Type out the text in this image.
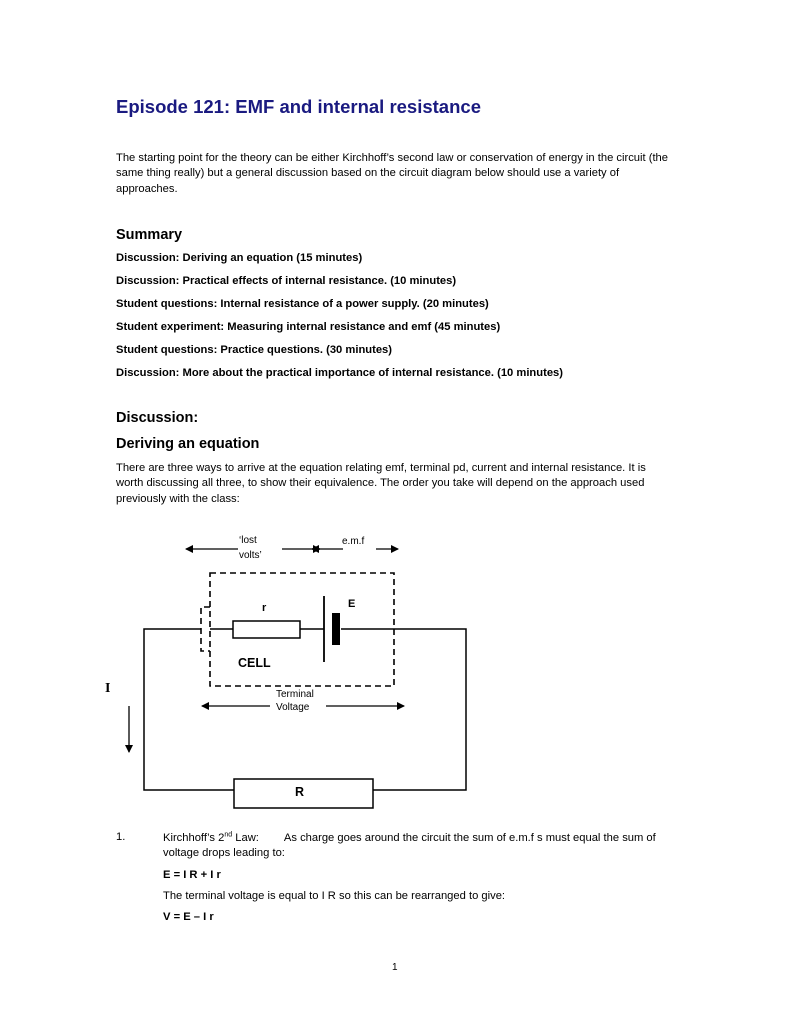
Episode 121: EMF and internal resistance
The starting point for the theory can be either Kirchhoff’s second law or conservation of energy in the circuit (the same thing really) but a general discussion based on the circuit diagram below should use a variety of approaches.
Summary
Discussion: Deriving an equation (15 minutes)
Discussion: Practical effects of internal resistance. (10 minutes)
Student questions: Internal resistance of a power supply. (20 minutes)
Student experiment: Measuring internal resistance and emf (45 minutes)
Student questions: Practice questions. (30 minutes)
Discussion: More about the practical importance of internal resistance. (10 minutes)
Discussion:
Deriving an equation
There are three ways to arrive at the equation relating emf, terminal pd, current and internal resistance. It is worth discussing all three, to show their equivalence. The order you take will depend on the approach used previously with the class:
‘lost
volts’
e.m.f
r	E
CELL
I	Terminal
Voltage
R
1.	Kirchhoff’s 2nd Law: As charge goes around the circuit the sum of e.m.f s must equal the sum of voltage drops leading to:
E = I R + I r
The terminal voltage is equal to I R so this can be rearranged to give:
V = E – I r
1
